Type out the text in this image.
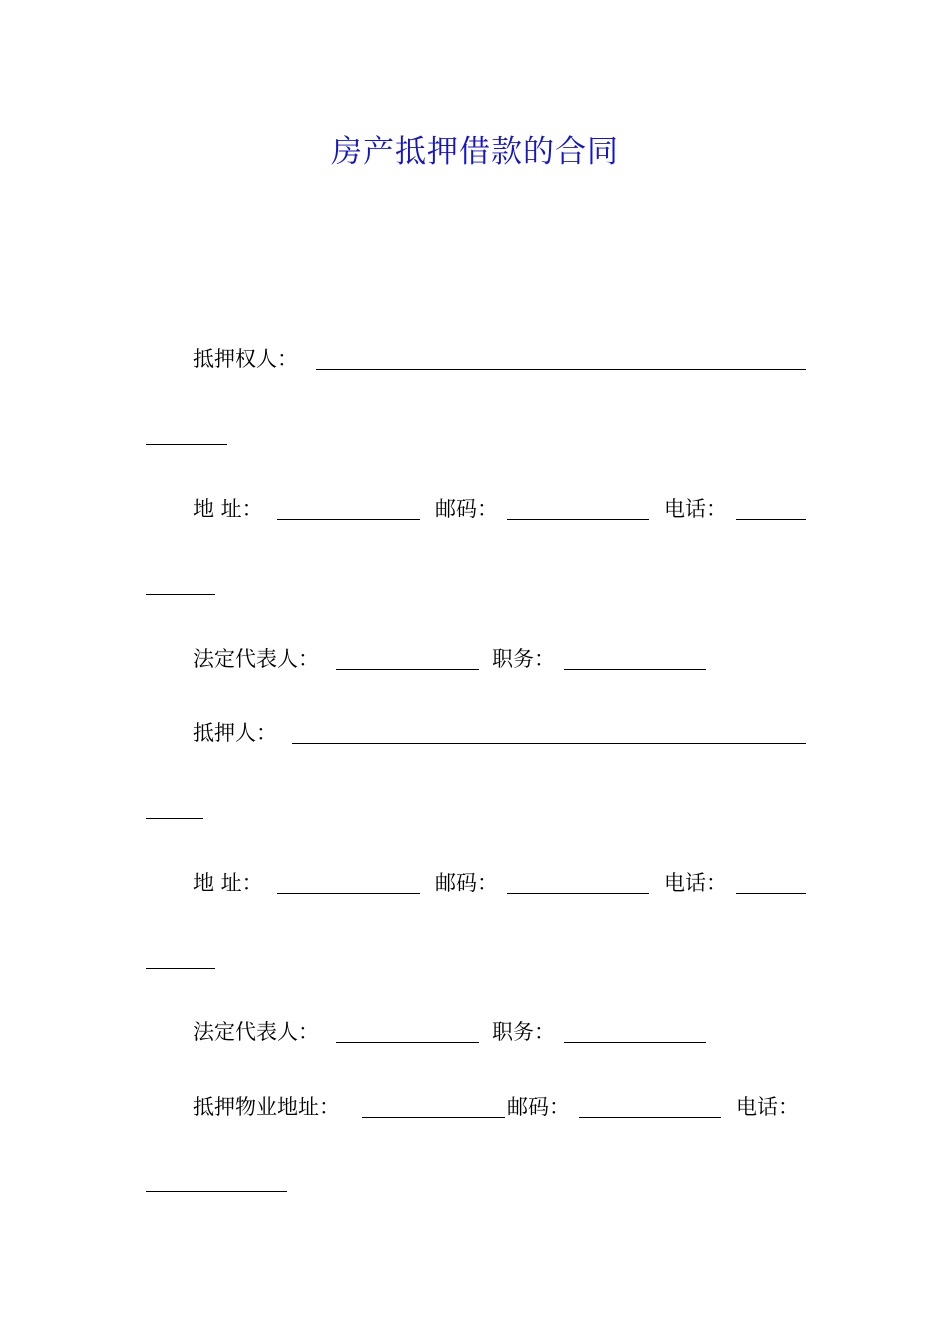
房产抵押借款的合同
抵押权人：
地 址：	邮码：	电话：
法定代表人：	职务：
抵押人：
地 址：	邮码：	电话：
法定代表人：	职务：
抵押物业地址：	邮码：	电话：
